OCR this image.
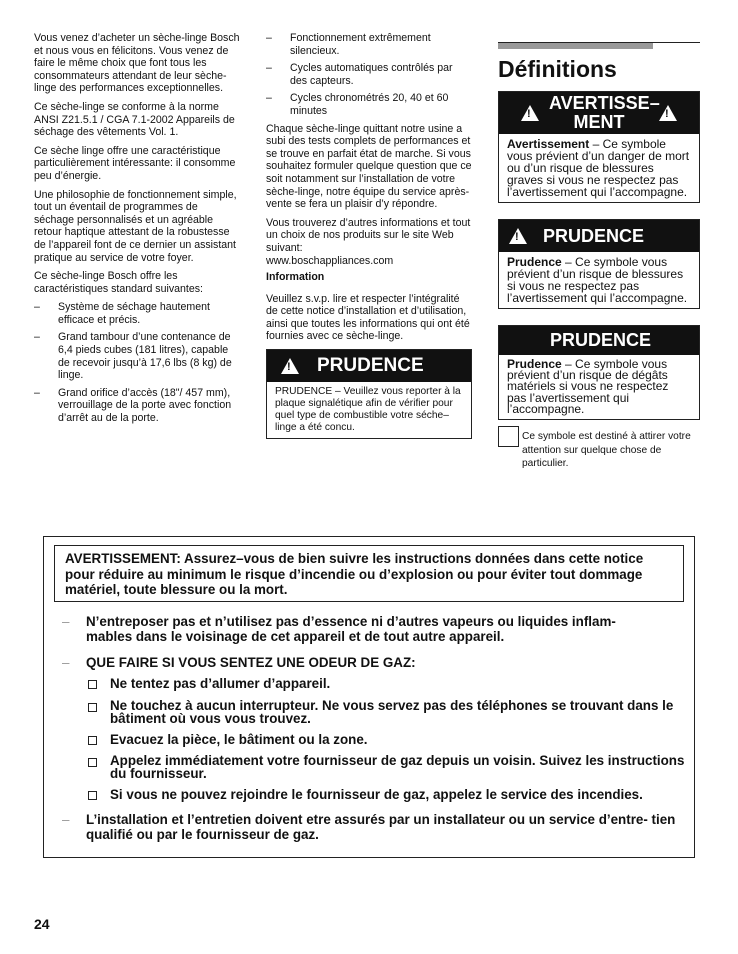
Vous venez d’acheter un sèche-linge Bosch et nous vous en félicitons. Vous venez de faire le même choix que font tous les consommateurs attendant de leur sèche-linge des performances exceptionnelles.

Ce sèche-linge se conforme à la norme ANSI Z21.5.1 / CGA 7.1-2002 Appareils de séchage des vêtements Vol. 1.

Ce sèche linge offre une caractéristique particulièrement intéressante: il consomme peu d’énergie.

Une philosophie de fonctionnement simple, tout un éventail de programmes de séchage personnalisés et un agréable retour haptique attestant de la robustesse de l’appareil font de ce dernier un assistant pratique au service de votre foyer.

Ce sèche-linge Bosch offre les caractéristiques standard suivantes:

– Système de séchage hautement efficace et précis.
– Grand tambour d’une contenance de 6,4 pieds cubes (181 litres), capable de recevoir jusqu’à 17,6 lbs (8 kg) de linge.
– Grand orifice d’accès (18"/ 457 mm), verrouillage de la porte avec fonction d’arrêt au de la porte.
– Fonctionnement extrêmement silencieux.
– Cycles automatiques contrôlés par des capteurs.
– Cycles chronométrés 20, 40 et 60 minutes

Chaque sèche-linge quittant notre usine a subi des tests complets de performances et se trouve en parfait état de marche. Si vous souhaitez formuler quelque question que ce soit notamment sur l’installation de votre sèche-linge, notre équipe du service après-vente se fera un plaisir d’y répondre.

Vous trouverez d’autres informations et tout un choix de nos produits sur le site Web suivant:
www.boschappliances.com

Information

Veuillez s.v.p. lire et respecter l’intégralité de cette notice d’installation et d’utilisation, ainsi que toutes les informations qui ont été fournies avec ce sèche-linge.

!
PRUDENCE
PRUDENCE – Veuillez vous reporter à la plaque signalétique afin de vérifier pour quel type de combustible votre séche–linge a été concu.
Définitions
!
AVERTISSE– MENT
!
Avertissement – Ce symbole vous prévient d’un danger de mort ou d’un risque de blessures graves si vous ne respectez pas l’avertissement qui l’accompagne.
!
PRUDENCE
Prudence – Ce symbole vous prévient d’un risque de blessures si vous ne respectez pas l’avertissement qui l’accompagne.
PRUDENCE
Prudence – Ce symbole vous prévient d’un risque de dégâts matériels si vous ne respectez pas l’avertissement qui l’accompagne.
Ce symbole est destiné à attirer votre attention sur quelque chose de particulier.
AVERTISSEMENT: Assurez–vous de bien suivre les instructions données dans cette notice pour réduire au minimum le risque d’incendie ou d’explosion ou pour éviter tout dommage matériel, toute blessure ou la mort.
– N’entreposer pas et n’utilisez pas d’essence ni d’autres vapeurs ou liquides inflam- mables dans le voisinage de cet appareil et de tout autre appareil.
– QUE FAIRE SI VOUS SENTEZ UNE ODEUR DE GAZ:
Ne tentez pas d’allumer d’appareil.
Ne touchez à aucun interrupteur. Ne vous servez pas des téléphones se trouvant dans le bâtiment où vous vous trouvez.
Evacuez la pièce, le bâtiment ou la zone.
Appelez immédiatement votre fournisseur de gaz depuis un voisin. Suivez les instructions du fournisseur.
Si vous ne pouvez rejoindre le fournisseur de gaz, appelez le service des incendies.
– L’installation et l’entretien doivent etre assurés par un installateur ou un service d’entre- tien qualifié ou par le fournisseur de gaz.
24
